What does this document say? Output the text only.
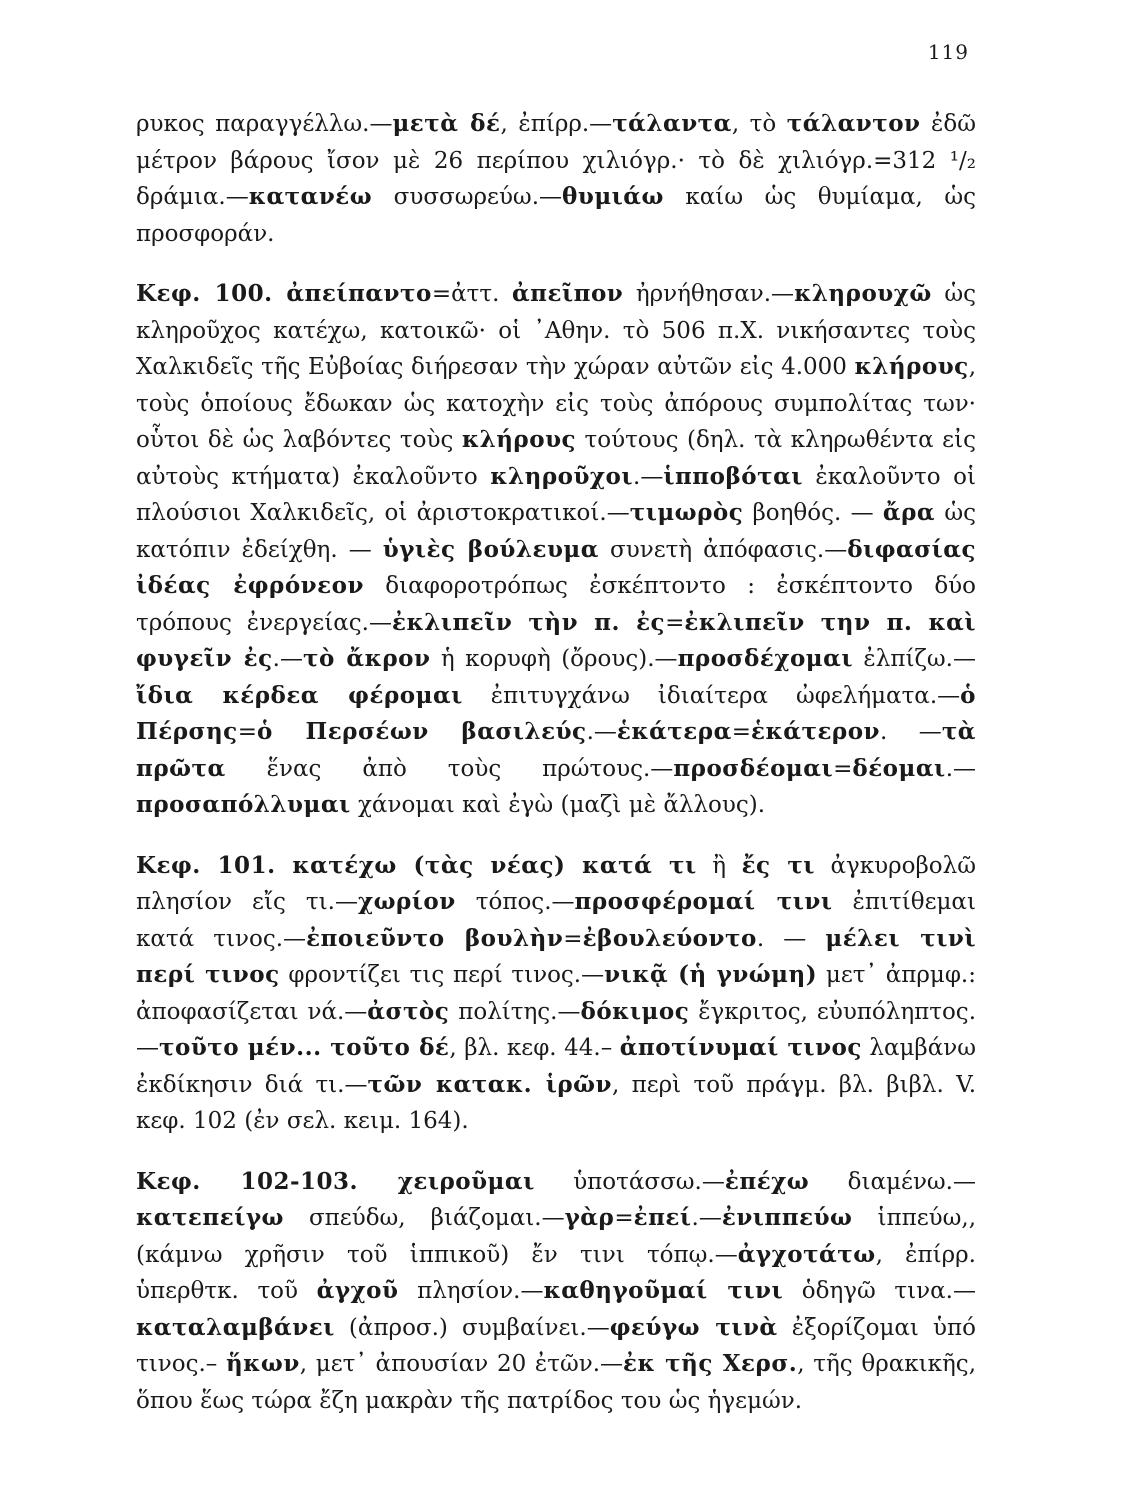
119

ρυκος παραγγέλλω.—μετὰ δέ, ἐπίρρ.—τάλαντα, τὸ τάλαντον ἐδῶ μέτρον βάρους ἴσον μὲ 26 περίπου χιλιόγρ.· τὸ δὲ χιλιόγρ.=312 ¹/₂ δράμια.—κατανέω συσσωρεύω.—θυμιάω καίω ὡς θυμίαμα, ὡς προσφοράν.

Κεφ. 100. ἀπείπαντο=ἀττ. ἀπεῖπον ἠρνήθησαν.—κληρουχῶ ὡς κληροῦχος κατέχω, κατοικῶ· οἱ ᾽Αθην. τὸ 506 π.Χ. νικήσαντες τοὺς Χαλκιδεῖς τῆς Εὐβοίας διήρεσαν τὴν χώραν αὐτῶν εἰς 4.000 κλήρους, τοὺς ὁποίους ἔδωκαν ὡς κατοχὴν εἰς τοὺς ἀπόρους συμπολίτας των· οὗτοι δὲ ὡς λαβόντες τοὺς κλήρους τούτους (δηλ. τὰ κληρωθέντα εἰς αὐτοὺς κτήματα) ἐκαλοῦντο κληροῦχοι.—ἱπποβόται ἐκαλοῦντο οἱ πλούσιοι Χαλκιδεῖς, οἱ ἀριστοκρατικοί.—τιμωρὸς βοηθός. — ἄρα ὡς κατόπιν ἐδείχθη. — ὑγιὲς βούλευμα συνετὴ ἀπόφασις.—διφασίας ἰδέας ἐφρόνεον διαφοροτρόπως ἐσκέπτοντο : ἐσκέπτοντο δύο τρόπους ἐνεργείας.—ἐκλιπεῖν τὴν π. ἐς=ἐκλιπεῖν την π. καὶ φυγεῖν ἐς.—τὸ ἄκρον ἡ κορυφὴ (ὄρους).—προσδέχομαι ἐλπίζω.—ἴδια κέρδεα φέρομαι ἐπιτυγχάνω ἰδιαίτερα ὠφελήματα.—ὁ Πέρσης=ὁ Περσέων βασιλεύς.—ἑκάτερα=ἑκάτερον. —τὰ πρῶτα ἕνας ἀπὸ τοὺς πρώτους.—προσδέομαι=δέομαι.—προσαπόλλυμαι χάνομαι καὶ ἐγὼ (μαζὶ μὲ ἄλλους).

Κεφ. 101. κατέχω (τὰς νέας) κατά τι ἢ ἔς τι ἀγκυροβολῶ πλησίον εἴς τι.—χωρίον τόπος.—προσφέρομαί τινι ἐπιτίθεμαι κατά τινος.—ἐποιεῦντο βουλὴν=ἐβουλεύοντο. — μέλει τινὶ περί τινος φροντίζει τις περί τινος.—νικᾷ (ἡ γνώμη) μετ᾽ ἀπρμφ.: ἀποφασίζεται νά.—ἀστὸς πολίτης.—δόκιμος ἔγκριτος, εὐυπόληπτος.—τοῦτο μέν... τοῦτο δέ, βλ. κεφ. 44.– ἀποτίνυμαί τινος λαμβάνω ἐκδίκησιν διά τι.—τῶν κατακ. ἱρῶν, περὶ τοῦ πράγμ. βλ. βιβλ. V. κεφ. 102 (ἐν σελ. κειμ. 164).

Κεφ. 102-103. χειροῦμαι ὑποτάσσω.—ἐπέχω διαμένω.—κατεπείγω σπεύδω, βιάζομαι.—γὰρ=ἐπεί.—ἐνιππεύω ἱππεύω,, (κάμνω χρῆσιν τοῦ ἱππικοῦ) ἔν τινι τόπῳ.—ἀγχοτάτω, ἐπίρρ. ὑπερθτκ. τοῦ ἀγχοῦ πλησίον.—καθηγοῦμαί τινι ὁδηγῶ τινα.—καταλαμβάνει (ἀπροσ.) συμβαίνει.—φεύγω τινὰ ἐξορίζομαι ὑπό τινος.– ἥκων, μετ᾽ ἀπουσίαν 20 ἐτῶν.—ἐκ τῆς Χερσ., τῆς θρακικῆς, ὅπου ἕως τώρα ἔζη μακρὰν τῆς πατρίδος του ὡς ἡγεμών.
